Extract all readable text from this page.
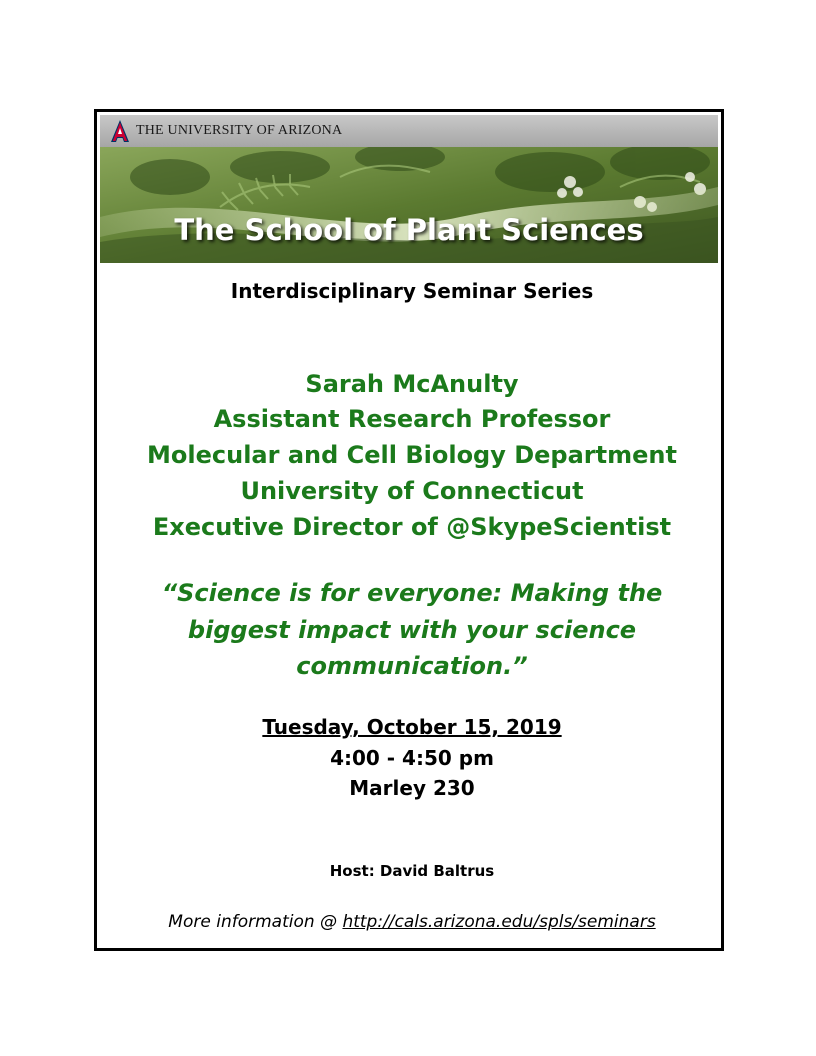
THE UNIVERSITY OF ARIZONA
The School of Plant Sciences
Interdisciplinary Seminar Series
Sarah McAnulty
Assistant Research Professor
Molecular and Cell Biology Department
University of Connecticut
Executive Director of @SkypeScientist
“Science is for everyone: Making the
biggest impact with your science
communication.”
Tuesday, October 15, 2019
4:00 - 4:50 pm
Marley 230
Host: David Baltrus
More information @ http://cals.arizona.edu/spls/seminars
